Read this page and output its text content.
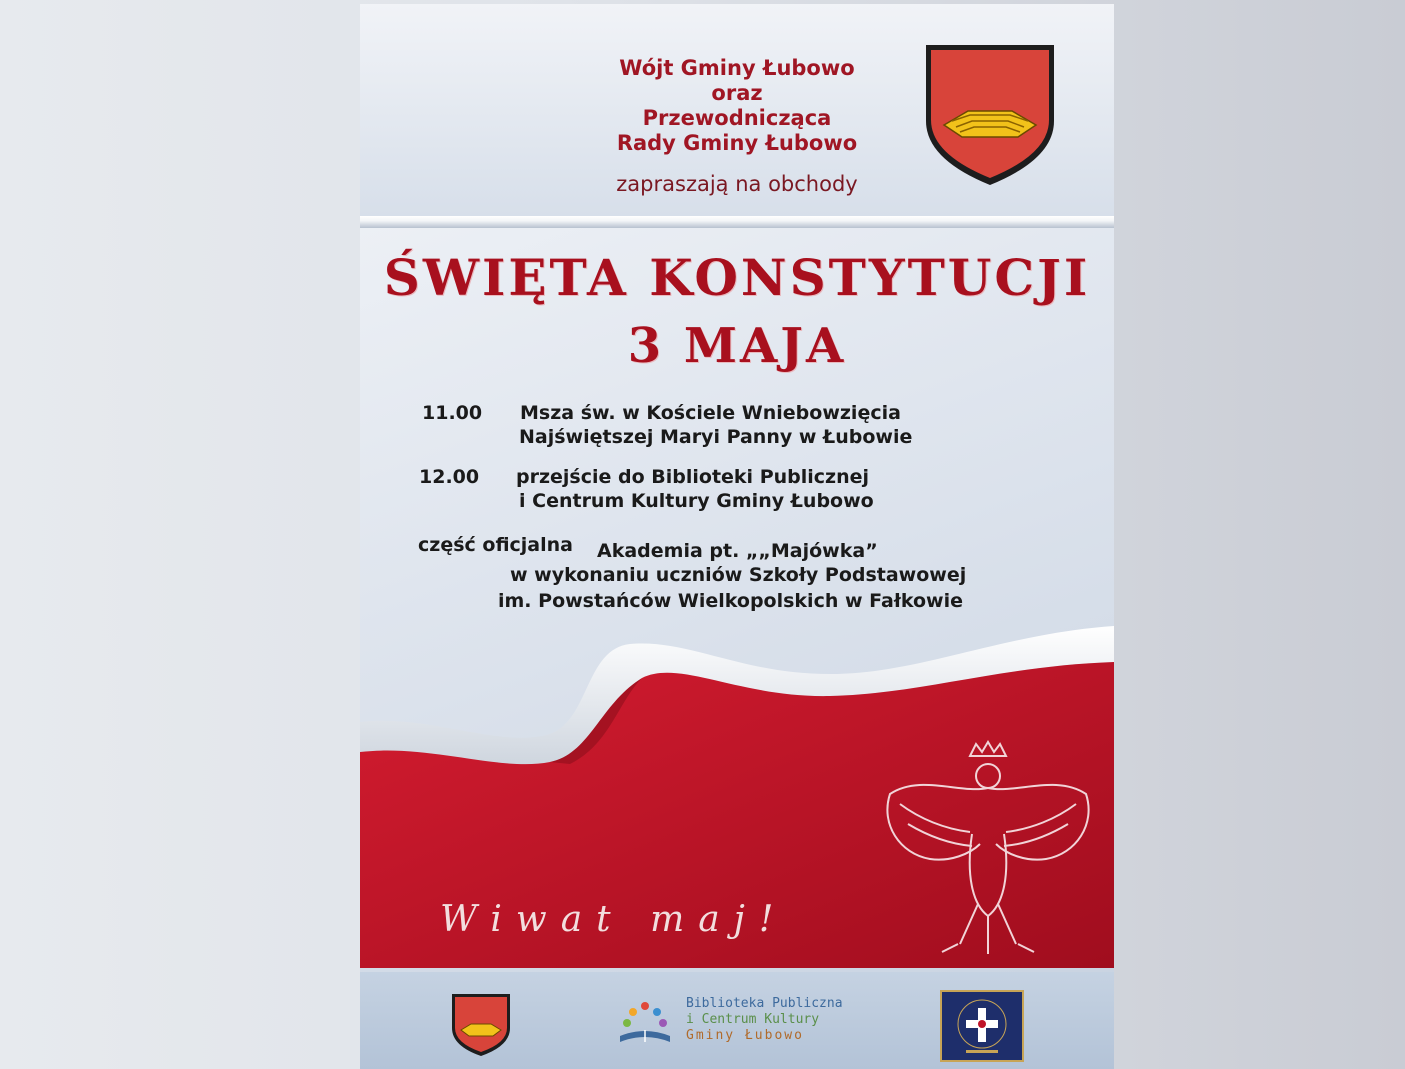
Wójt Gminy Łubowo
oraz
Przewodnicząca
Rady Gminy Łubowo
zapraszają na obchody
ŚWIĘTA KONSTYTUCJI
3 MAJA
11.00 Msza św. w Kościele Wniebowzięcia
Najświętszej Maryi Panny w Łubowie
12.00 przejście do Biblioteki Publicznej
i Centrum Kultury Gminy Łubowo
część oficjalna Akademia pt. „„Majówka”
w wykonaniu uczniów Szkoły Podstawowej
im. Powstańców Wielkopolskich w Fałkowie
Wiwat maj!
Biblioteka Publiczna
i Centrum Kultury
Gminy Łubowo
